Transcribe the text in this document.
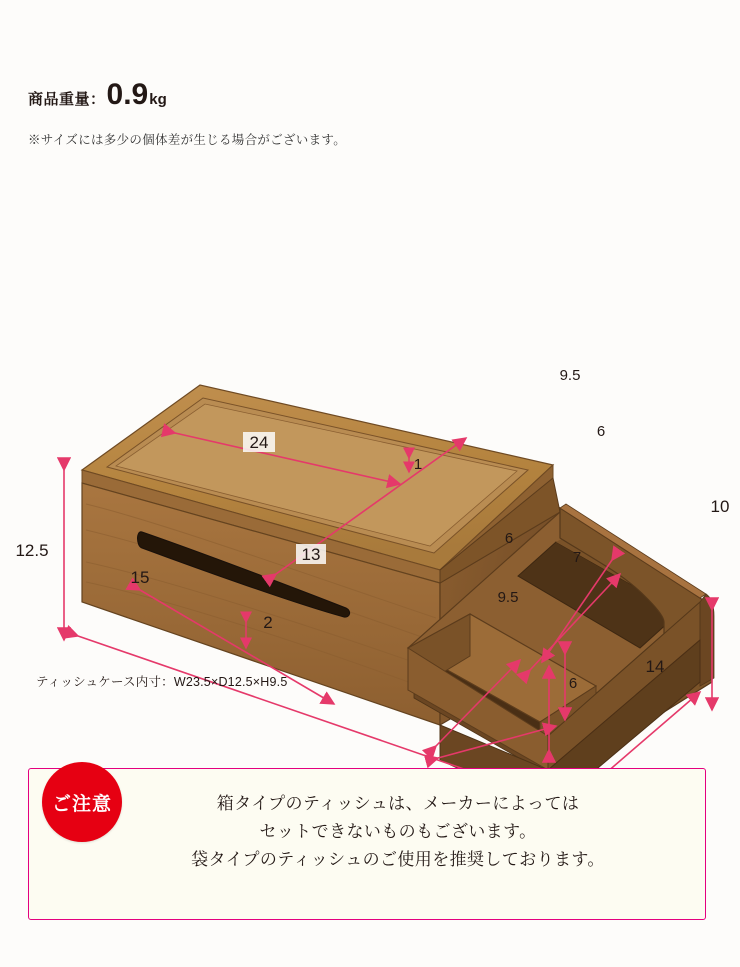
商品重量： 0.9 kg
※サイズには多少の個体差が生じる場合がございます。
24
1
13
12.5
15
2
9.5
6
6
9.5
7
10
14
6
ティッシュケース内寸：W23.5×D12.5×H9.5
ご注意	箱タイプのティッシュは、メーカーによっては
セットできないものもございます。
袋タイプのティッシュのご使用を推奨しております。
